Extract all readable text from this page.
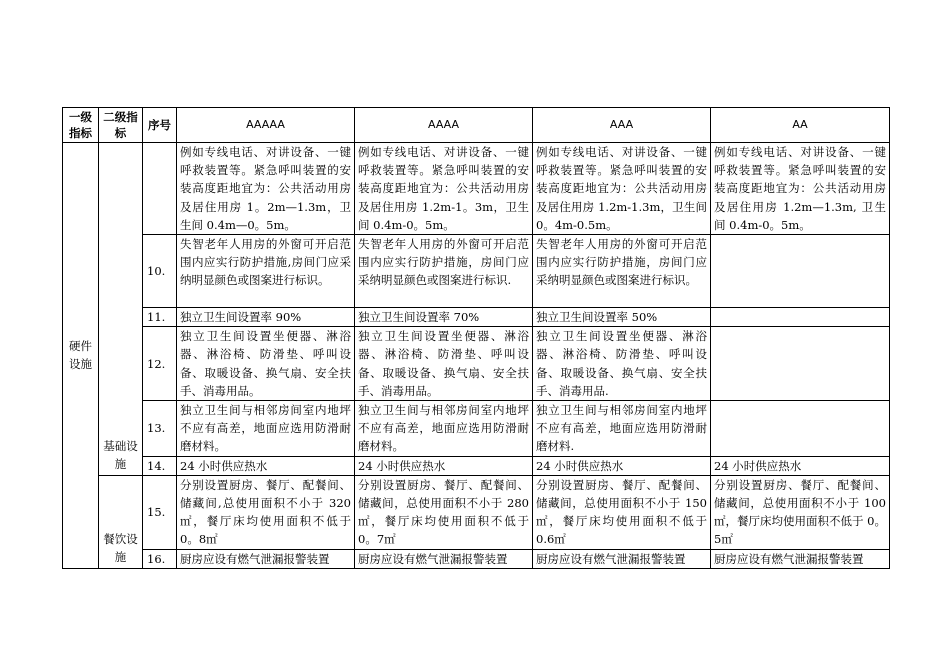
一级指标	二级指标	序号	AAAAA	AAAA	AAA	AA
硬件设施	基础设施		例如专线电话、对讲设备、一键呼救装置等。紧急呼叫装置的安装高度距地宜为：公共活动用房及居住用房 1。2m—1.3m，卫生间 0.4m—0。5m。	例如专线电话、对讲设备、一键呼救装置等。紧急呼叫装置的安装高度距地宜为：公共活动用房及居住用房 1.2m-1。3m，卫生间 0.4m-0。5m。	例如专线电话、对讲设备、一键呼救装置等。紧急呼叫装置的安装高度距地宜为：公共活动用房及居住用房 1.2m-1.3m，卫生间 0。4m-0.5m。	例如专线电话、对讲设备、一键呼救装置等。紧急呼叫装置的安装高度距地宜为：公共活动用房及居住用房 1.2m—1.3m, 卫生间 0.4m-0。5m。
		10.	失智老年人用房的外窗可开启范围内应实行防护措施,房间门应采纳明显颜色或图案进行标识。	失智老年人用房的外窗可开启范围内应实行防护措施，房间门应采纳明显颜色或图案进行标识.	失智老年人用房的外窗可开启范围内应实行防护措施，房间门应采纳明显颜色或图案进行标识。	
		11.	独立卫生间设置率 90%	独立卫生间设置率 70%	独立卫生间设置率 50%	
		12.	独立卫生间设置坐便器、淋浴器、淋浴椅、防滑垫、呼叫设备、取暖设备、换气扇、安全扶手、消毒用品。	独立卫生间设置坐便器、淋浴器、淋浴椅、防滑垫、呼叫设备、取暖设备、换气扇、安全扶手、消毒用品。	独立卫生间设置坐便器、淋浴器、淋浴椅、防滑垫、呼叫设备、取暖设备、换气扇、安全扶手、消毒用品.	
		13.	独立卫生间与相邻房间室内地坪不应有高差，地面应选用防滑耐磨材料。	独立卫生间与相邻房间室内地坪不应有高差，地面应选用防滑耐磨材料。	独立卫生间与相邻房间室内地坪不应有高差，地面应选用防滑耐磨材料.	
		14.	24 小时供应热水	24 小时供应热水	24 小时供应热水	24 小时供应热水
	餐饮设施	15.	分别设置厨房、餐厅、配餐间、储藏间,总使用面积不小于 320㎡，餐厅床均使用面积不低于 0。8㎡	分别设置厨房、餐厅、配餐间、储藏间，总使用面积不小于 280㎡，餐厅床均使用面积不低于 0。7㎡	分别设置厨房、餐厅、配餐间、储藏间，总使用面积不小于 150㎡，餐厅床均使用面积不低于 0.6㎡	分别设置厨房、餐厅、配餐间、储藏间，总使用面积不小于 100㎡，餐厅床均使用面积不低于 0。5㎡
		16.	厨房应设有燃气泄漏报警装置	厨房应设有燃气泄漏报警装置	厨房应设有燃气泄漏报警装置	厨房应设有燃气泄漏报警装置
